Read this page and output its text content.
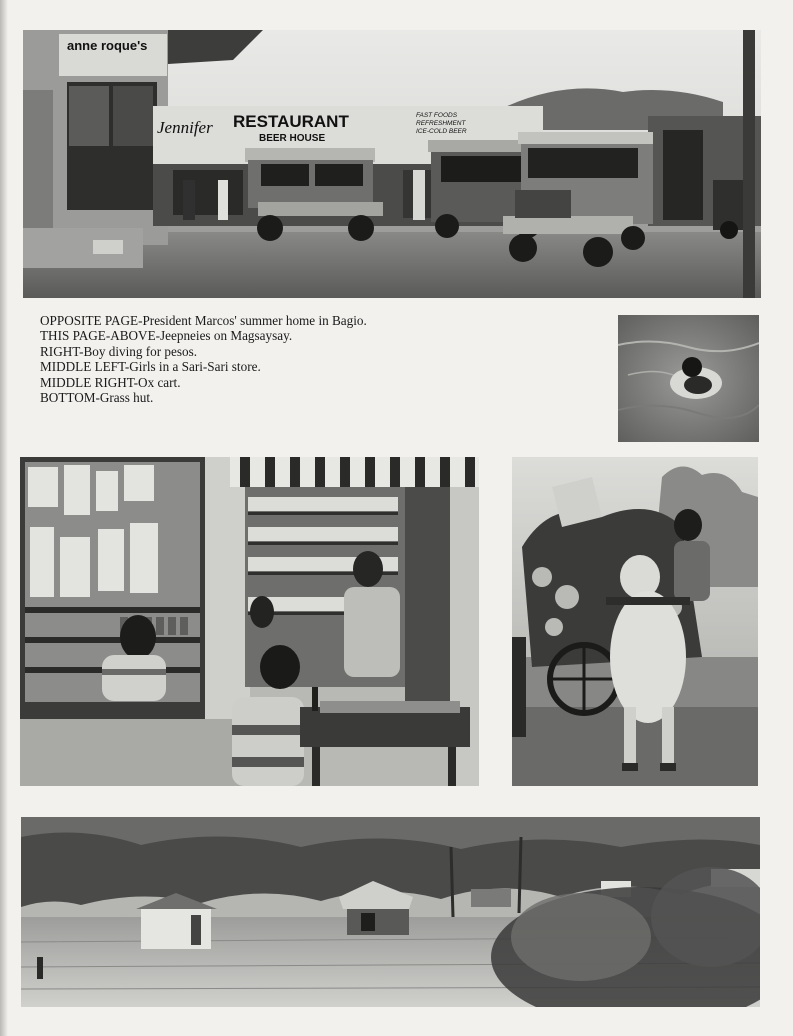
anne roque's
Jennifer RESTAURANT
BEER HOUSE
FAST FOODS
REFRESHMENT
ICE-COLD BEER
OPPOSITE PAGE-President Marcos' summer home in Bagio.
THIS PAGE-ABOVE-Jeepneies on Magsaysay.
RIGHT-Boy diving for pesos.
MIDDLE LEFT-Girls in a Sari-Sari store.
MIDDLE RIGHT-Ox cart.
BOTTOM-Grass hut.
